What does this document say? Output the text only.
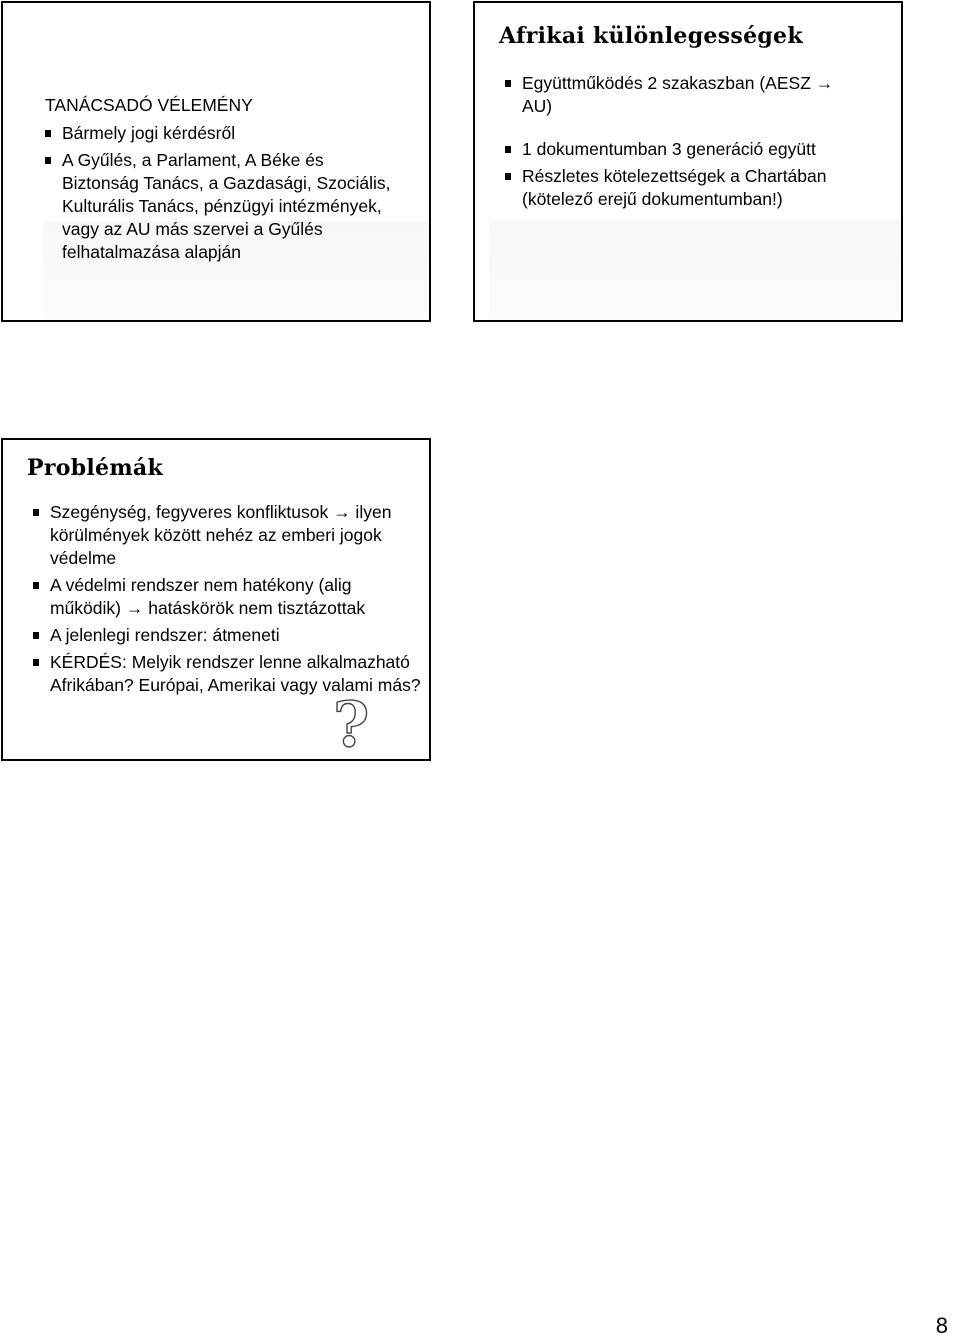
TANÁCSADÓ VÉLEMÉNY
Bármely jogi kérdésről
A Gyűlés, a Parlament, A Béke és Biztonság Tanács, a Gazdasági, Szociális, Kulturális Tanács, pénzügyi intézmények, vagy az AU más szervei a Gyűlés felhatalmazása alapján
Afrikai különlegességek
Együttműködés 2 szakaszban (AESZ → AU)
1 dokumentumban 3 generáció együtt
Részletes kötelezettségek a Chartában (kötelező erejű dokumentumban!)
Problémák
Szegénység, fegyveres konfliktusok → ilyen körülmények között nehéz az emberi jogok védelme
A védelmi rendszer nem hatékony (alig működik) → hatáskörök nem tisztázottak
A jelenlegi rendszer: átmeneti
KÉRDÉS: Melyik rendszer lenne alkalmazható Afrikában? Európai, Amerikai vagy valami más?
?
8
